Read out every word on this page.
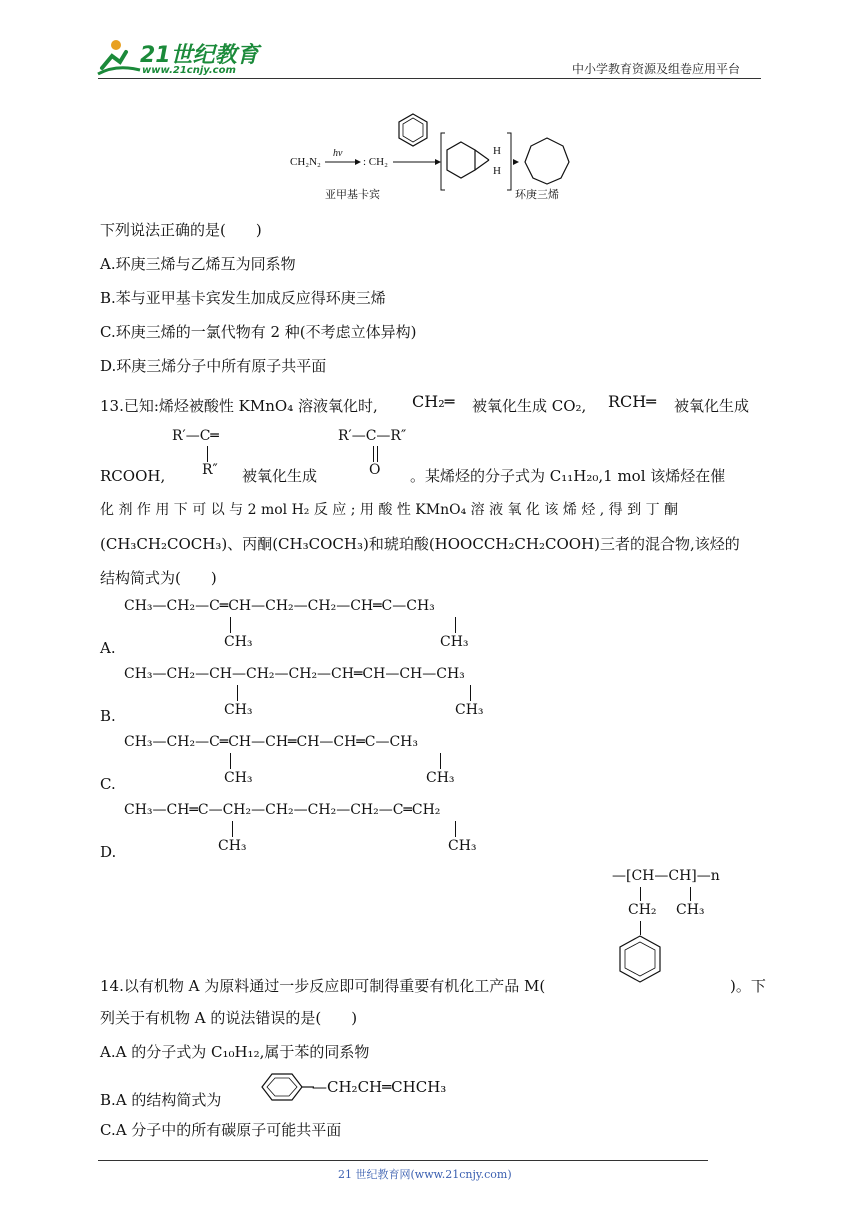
21世纪教育
www.21cnjy.com	中小学教育资源及组卷应用平台
CH₂N₂
hν
: CH₂
H
H
亚甲基卡宾	环庚三烯
下列说法正确的是(　　)
A.环庚三烯与乙烯互为同系物
B.苯与亚甲基卡宾发生加成反应得环庚三烯
C.环庚三烯的一氯代物有 2 种(不考虑立体异构)
D.环庚三烯分子中所有原子共平面
13.已知:烯烃被酸性 KMnO₄ 溶液氧化时, CH₂═ 被氧化生成 CO₂, RCH═ 被氧化生成
R′—C═
R″
R′—C—R″
O
RCOOH,	被氧化生成	。某烯烃的分子式为 C₁₁H₂₀,1 mol 该烯烃在催
化 剂 作 用 下 可 以 与 2 mol H₂ 反 应 ; 用 酸 性 KMnO₄ 溶 液 氧 化 该 烯 烃 , 得 到 丁 酮
(CH₃CH₂COCH₃)、丙酮(CH₃COCH₃)和琥珀酸(HOOCCH₂CH₂COOH)三者的混合物,该烃的
结构简式为(　　)
CH₃—CH₂—C═CH—CH₂—CH₂—CH═C—CH₃
CH₃	CH₃
A.
CH₃—CH₂—CH—CH₂—CH₂—CH═CH—CH—CH₃
CH₃	CH₃
B.
CH₃—CH₂—C═CH—CH═CH—CH═C—CH₃
CH₃	CH₃
C.
CH₃—CH═C—CH₂—CH₂—CH₂—CH₂—C═CH₂
CH₃	CH₃
D.
—[CH—CH]—n
CH₂ CH₃
14.以有机物 A 为原料通过一步反应即可制得重要有机化工产品 M(	)。下
列关于有机物 A 的说法错误的是(　　)
A.A 的分子式为 C₁₀H₁₂,属于苯的同系物
B.A 的结构简式为
—CH₂CH═CHCH₃
C.A 分子中的所有碳原子可能共平面
21 世纪教育网(www.21cnjy.com)
